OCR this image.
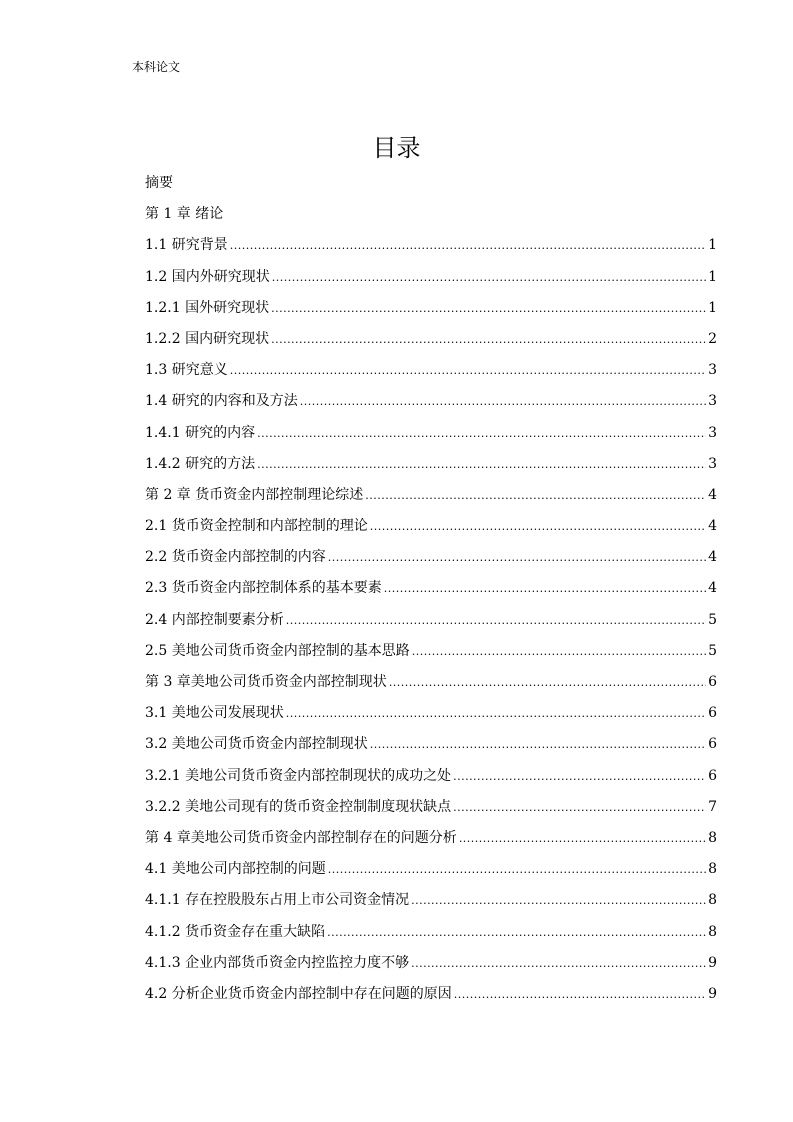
本科论文
目录
摘要
第 1 章 绪论
1.1 研究背景 .....	1
1.2 国内外研究现状 .....	1
1.2.1 国外研究现状 .....	1
1.2.2 国内研究现状 .....	2
1.3 研究意义 .....	3
1.4 研究的内容和及方法 .....	3
1.4.1 研究的内容 .....	3
1.4.2 研究的方法 .....	3
第 2 章 货币资金内部控制理论综述 .....	4
2.1 货币资金控制和内部控制的理论 .....	4
2.2 货币资金内部控制的内容 .....	4
2.3 货币资金内部控制体系的基本要素 .....	4
2.4 内部控制要素分析 .....	5
2.5 美地公司货币资金内部控制的基本思路 .....	5
第 3 章美地公司货币资金内部控制现状 .....	6
3.1 美地公司发展现状 .....	6
3.2 美地公司货币资金内部控制现状 .....	6
3.2.1 美地公司货币资金内部控制现状的成功之处 .....	6
3.2.2 美地公司现有的货币资金控制制度现状缺点 .....	7
第 4 章美地公司货币资金内部控制存在的问题分析 .....	8
4.1 美地公司内部控制的问题 .....	8
4.1.1 存在控股股东占用上市公司资金情况 .....	8
4.1.2 货币资金存在重大缺陷 .....	8
4.1.3 企业内部货币资金内控监控力度不够 .....	9
4.2 分析企业货币资金内部控制中存在问题的原因 .....	9
